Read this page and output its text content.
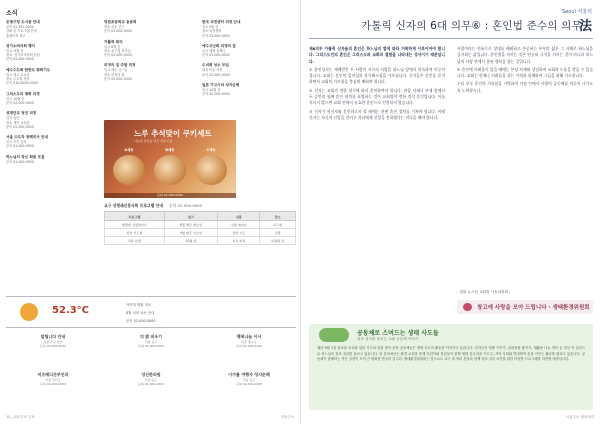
소식
은평구청 도서관 안내
문의 02-351-0000
강좌 및 프로그램 안내
홈페이지 참고
성가소비녀회 행사
일시: 9월 중
장소: 성가소비녀회 본원
문의 02-000-0000
예수수도회 한반도 평화기도
일시 매주 토요일
장소 수도회 성당
문의 010-0000-0000
그리스도의 평화 피정
일시 10월 중
문의 02-000-0000
성재단교 청년 피정
대상 청년
장소 재단 교육관
문의 02-000-0000
서울 수도자 장례미사 안내
일시 추후 공지
문의 02-000-0000
하느님의 정신 회원 모집
문의 02-000-0000
덕원초등학교 동문회
장소 서울 중구
문의 02-000-0000
가톨릭 회의
일시 8월 중
장소 교구청 회의실
문의 02-000-0000
피정의 집 주말 피정
일시 매주 금~일
장소 피정의 집
문의 02-000-0000
한국 피정센터 피정 안내
일시 9월 중
장소 피정센터
문의 02-000-0000
예수고난회 피정의 집
일시 매월 둘째주
문의 02-000-0000
수녀회 성소 모임
대상 미혼 여성
문의 02-000-0000
일본 가고시마 성지순례
일시 10월 중
문의 02-000-0000
느루 추석맞이 쿠키세트
나눔과 정성을 담은 명절 선물
A세트	B세트	C세트
문의 02-000-0000
교구 성령쇄신봉사회 프로그램 안내 문의 02-000-0000
프로그램	일시	내용	장소
생명의 성령세미나	8월 매주 화요일	성령 세미나	교구청
관상 기도회	9월 매주 목요일	관상 기도	성당
치유 피정	10월 중	치유 피정	피정의 집
52.3°C	자연계 생활 정보
8월 성당 날씨 안내
문의 02-000-0000
알립니다 안내
서울 주보 담당
문의 02-000-0000
더 밝 피우기
서울 중구
문의 02-000-0000
행복나눔 이사
서울 종로구
문의 02-000-0000
미즈메디산부인과
서울 강서구
문의 02-000-0000
성신한의원
서울 중구
문의 02-000-0000
이가를 여행사 성지순례
서울 중구
문의 02-000-0000
10_ 위로부터 주보	서울주보
가톨릭 신자의 6대 의무⑥ : 혼인법 준수의 의무
Seoul 서울의
法

제6의무 가톨릭 신자들의 혼인은 하느님의 법에 따라 거룩하게 이루어져야 합니다. 그리스도인의 혼인은 그리스도와 교회의 결합을 나타내는 성사이기 때문입니다.

① 혼인성사는 세례받은 두 사람이 서로의 사랑을 하느님 앞에서 약속하며 이루어집니다. 교회는 혼인의 일치성과 불가해소성을 가르칩니다. 신자들은 혼인을 준비하면서 교회의 가르침을 충실히 배워야 합니다.

② 신자는 교회가 정한 형식에 따라 혼인하여야 합니다. 관할 사제나 부제 앞에서 두 증인과 함께 혼인 합의를 표명하는 것이 교회법이 정한 정식 혼인입니다. 이를 지키지 않으면 교회 안에서 유효한 혼인으로 인정되지 않습니다.

③ 신자가 비신자와 혼인하고자 할 때에는 관면 혼인 절차를 거쳐야 합니다. 이때 신자는 자신의 신앙을 지키고 자녀에게 신앙을 전하겠다는 약속을 해야 합니다.

사랑이라는 이름으로 상대를 배려하고 존중하는 부부의 삶은 그 자체로 하느님을 증거하는 삶입니다. 혼인법을 지키는 것은 단순히 규칙을 지키는 것이 아니라 하느님의 사랑 안에서 참된 행복을 찾는 길입니다.

④ 혼인에 어려움이 있을 때에는 본당 사제와 상담하여 교회의 도움을 받을 수 있습니다. 교회는 언제나 어려움을 겪는 가정과 함께하며 그들을 위해 기도합니다.

우리 모두 혼인의 거룩함을 기억하며 가정 안에서 사랑의 공동체를 이루어 나가도록 노력합시다.

- 법률 뉴스팀 교회법 사목위원회 -
창고에 사랑을 모아 드립니다 · 생태환경위원회
공동체로 스며드는 생태 사도들
창조 질서를 돌보는 교회 공동체 이야기
매년 9월 1일 창조물 보호를 위한 기도의 날을 맞아 본당 공동체들은 생태 사도직 활동을 이어가고 있습니다. 신자들은 텃밭 가꾸기, 일회용품 줄이기, 재활용 나눔 장터 등 일상 속 실천으로 하느님의 창조 질서를 돌보고 있습니다. 한 본당에서는 환경 교육을 통해 어린이와 청년들이 함께 생태 감수성을 키우고, 지역 사회와 연대하여 숲을 가꾸는 활동을 펼치고 있습니다. 공동체가 함께하는 작은 실천이 모여 큰 변화를 만들어 갑니다. 생태환경위원회는 앞으로도 교구 내 여러 본당과 함께 창조 질서 보전을 위한 다양한 프로그램을 마련할 예정입니다.
서울주보 평화 8면
